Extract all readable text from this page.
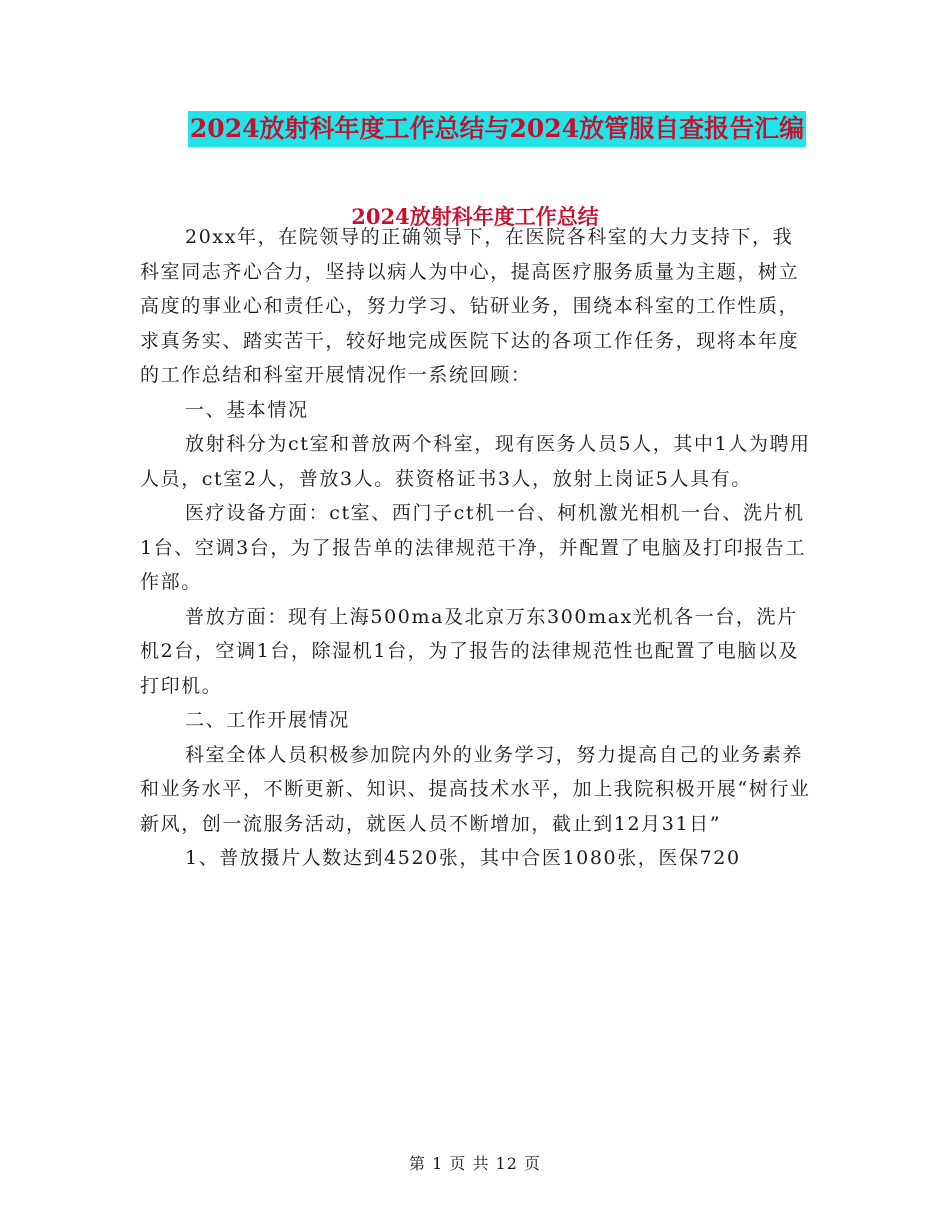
2024放射科年度工作总结与2024放管服自查报告汇编
2024放射科年度工作总结

20xx年，在院领导的正确领导下，在医院各科室的大力支持下，我科室同志齐心合力，坚持以病人为中心，提高医疗服务质量为主题，树立高度的事业心和责任心，努力学习、钻研业务，围绕本科室的工作性质，求真务实、踏实苦干，较好地完成医院下达的各项工作任务，现将本年度的工作总结和科室开展情况作一系统回顾：

一、基本情况

放射科分为ct室和普放两个科室，现有医务人员5人，其中1人为聘用人员，ct室2人，普放3人。获资格证书3人，放射上岗证5人具有。

医疗设备方面：ct室、西门子ct机一台、柯机激光相机一台、洗片机1台、空调3台，为了报告单的法律规范干净，并配置了电脑及打印报告工作部。

普放方面：现有上海500ma及北京万东300max光机各一台，洗片机2台，空调1台，除湿机1台，为了报告的法律规范性也配置了电脑以及打印机。

二、工作开展情况

科室全体人员积极参加院内外的业务学习，努力提高自己的业务素养和业务水平，不断更新、知识、提高技术水平，加上我院积极开展“树行业新风，创一流服务活动，就医人员不断增加，截止到12月31日”

1、普放摄片人数达到4520张，其中合医1080张，医保720

第 1 页 共 12 页
